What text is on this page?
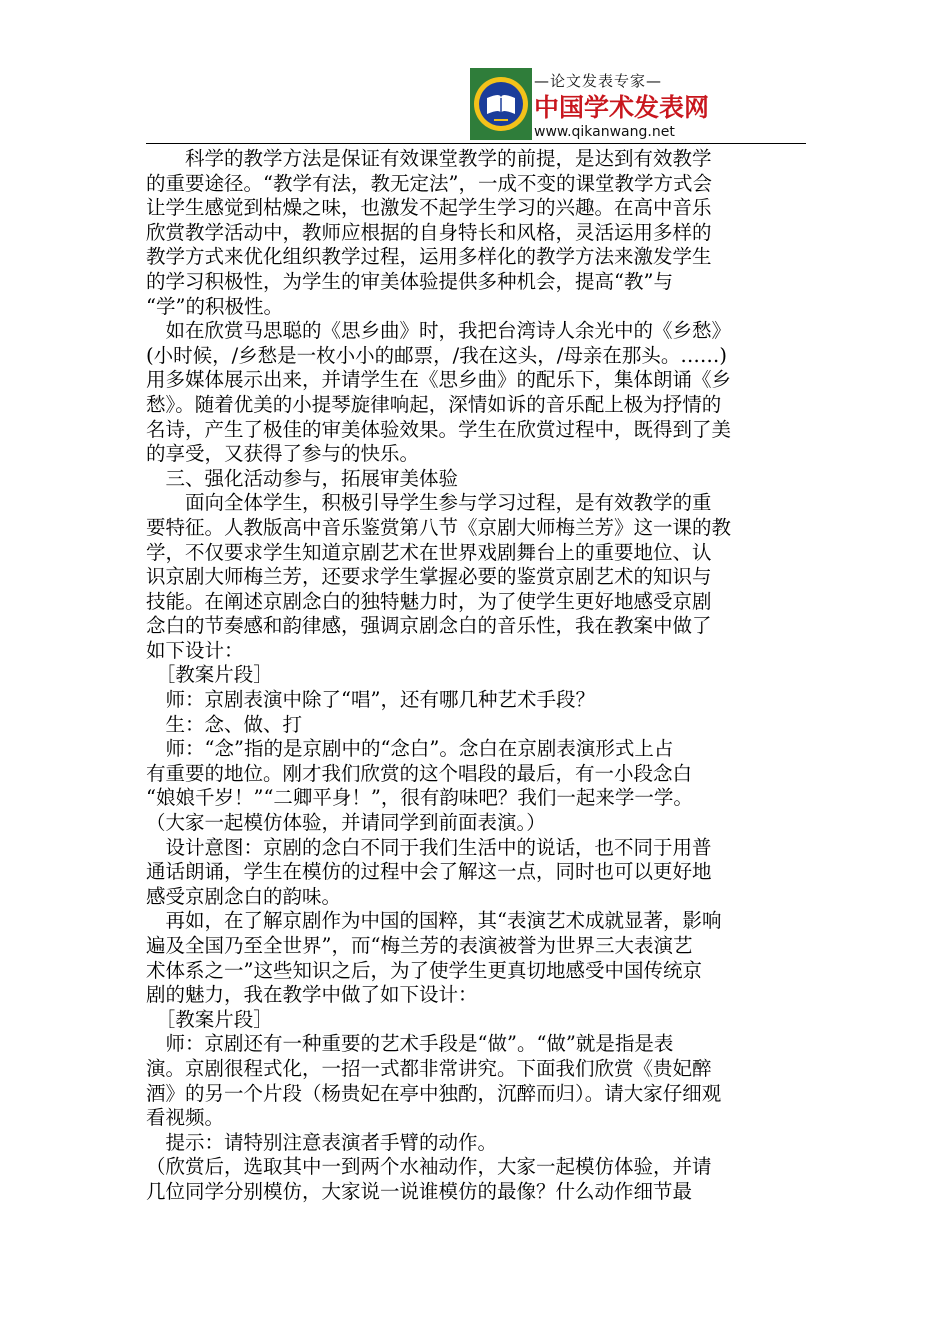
—论文发表专家—
中国学术发表网
www.qikanwang.net

　　科学的教学方法是保证有效课堂教学的前提，是达到有效教学

的重要途径。“教学有法，教无定法”，一成不变的课堂教学方式会

让学生感觉到枯燥之味，也激发不起学生学习的兴趣。在高中音乐

欣赏教学活动中，教师应根据的自身特长和风格，灵活运用多样的

教学方式来优化组织教学过程，运用多样化的教学方法来激发学生

的学习积极性，为学生的审美体验提供多种机会，提高“教”与

“学”的积极性。

　如在欣赏马思聪的《思乡曲》时，我把台湾诗人余光中的《乡愁》

(小时候，/乡愁是一枚小小的邮票，/我在这头，/母亲在那头。……)

用多媒体展示出来，并请学生在《思乡曲》的配乐下，集体朗诵《乡

愁》。随着优美的小提琴旋律响起，深情如诉的音乐配上极为抒情的

名诗，产生了极佳的审美体验效果。学生在欣赏过程中，既得到了美

的享受，又获得了参与的快乐。

　三、强化活动参与，拓展审美体验

　　面向全体学生，积极引导学生参与学习过程，是有效教学的重

要特征。人教版高中音乐鉴赏第八节《京剧大师梅兰芳》这一课的教

学，不仅要求学生知道京剧艺术在世界戏剧舞台上的重要地位、认

识京剧大师梅兰芳，还要求学生掌握必要的鉴赏京剧艺术的知识与

技能。在阐述京剧念白的独特魅力时，为了使学生更好地感受京剧

念白的节奏感和韵律感，强调京剧念白的音乐性，我在教案中做了

如下设计：

　［教案片段］

　师：京剧表演中除了“唱”，还有哪几种艺术手段？

　生：念、做、打

　师：“念”指的是京剧中的“念白”。念白在京剧表演形式上占

有重要的地位。刚才我们欣赏的这个唱段的最后，有一小段念白

“娘娘千岁！”“二卿平身！”，很有韵味吧？我们一起来学一学。

（大家一起模仿体验，并请同学到前面表演。）

　设计意图：京剧的念白不同于我们生活中的说话，也不同于用普

通话朗诵，学生在模仿的过程中会了解这一点，同时也可以更好地

感受京剧念白的韵味。

　再如，在了解京剧作为中国的国粹，其“表演艺术成就显著，影响

遍及全国乃至全世界”，而“梅兰芳的表演被誉为世界三大表演艺

术体系之一”这些知识之后，为了使学生更真切地感受中国传统京

剧的魅力，我在教学中做了如下设计：

　［教案片段］

　师：京剧还有一种重要的艺术手段是“做”。“做”就是指是表

演。京剧很程式化，一招一式都非常讲究。下面我们欣赏《贵妃醉

酒》的另一个片段（杨贵妃在亭中独酌，沉醉而归）。请大家仔细观

看视频。

　提示：请特别注意表演者手臂的动作。

（欣赏后，选取其中一到两个水袖动作，大家一起模仿体验，并请

几位同学分别模仿，大家说一说谁模仿的最像？什么动作细节最
